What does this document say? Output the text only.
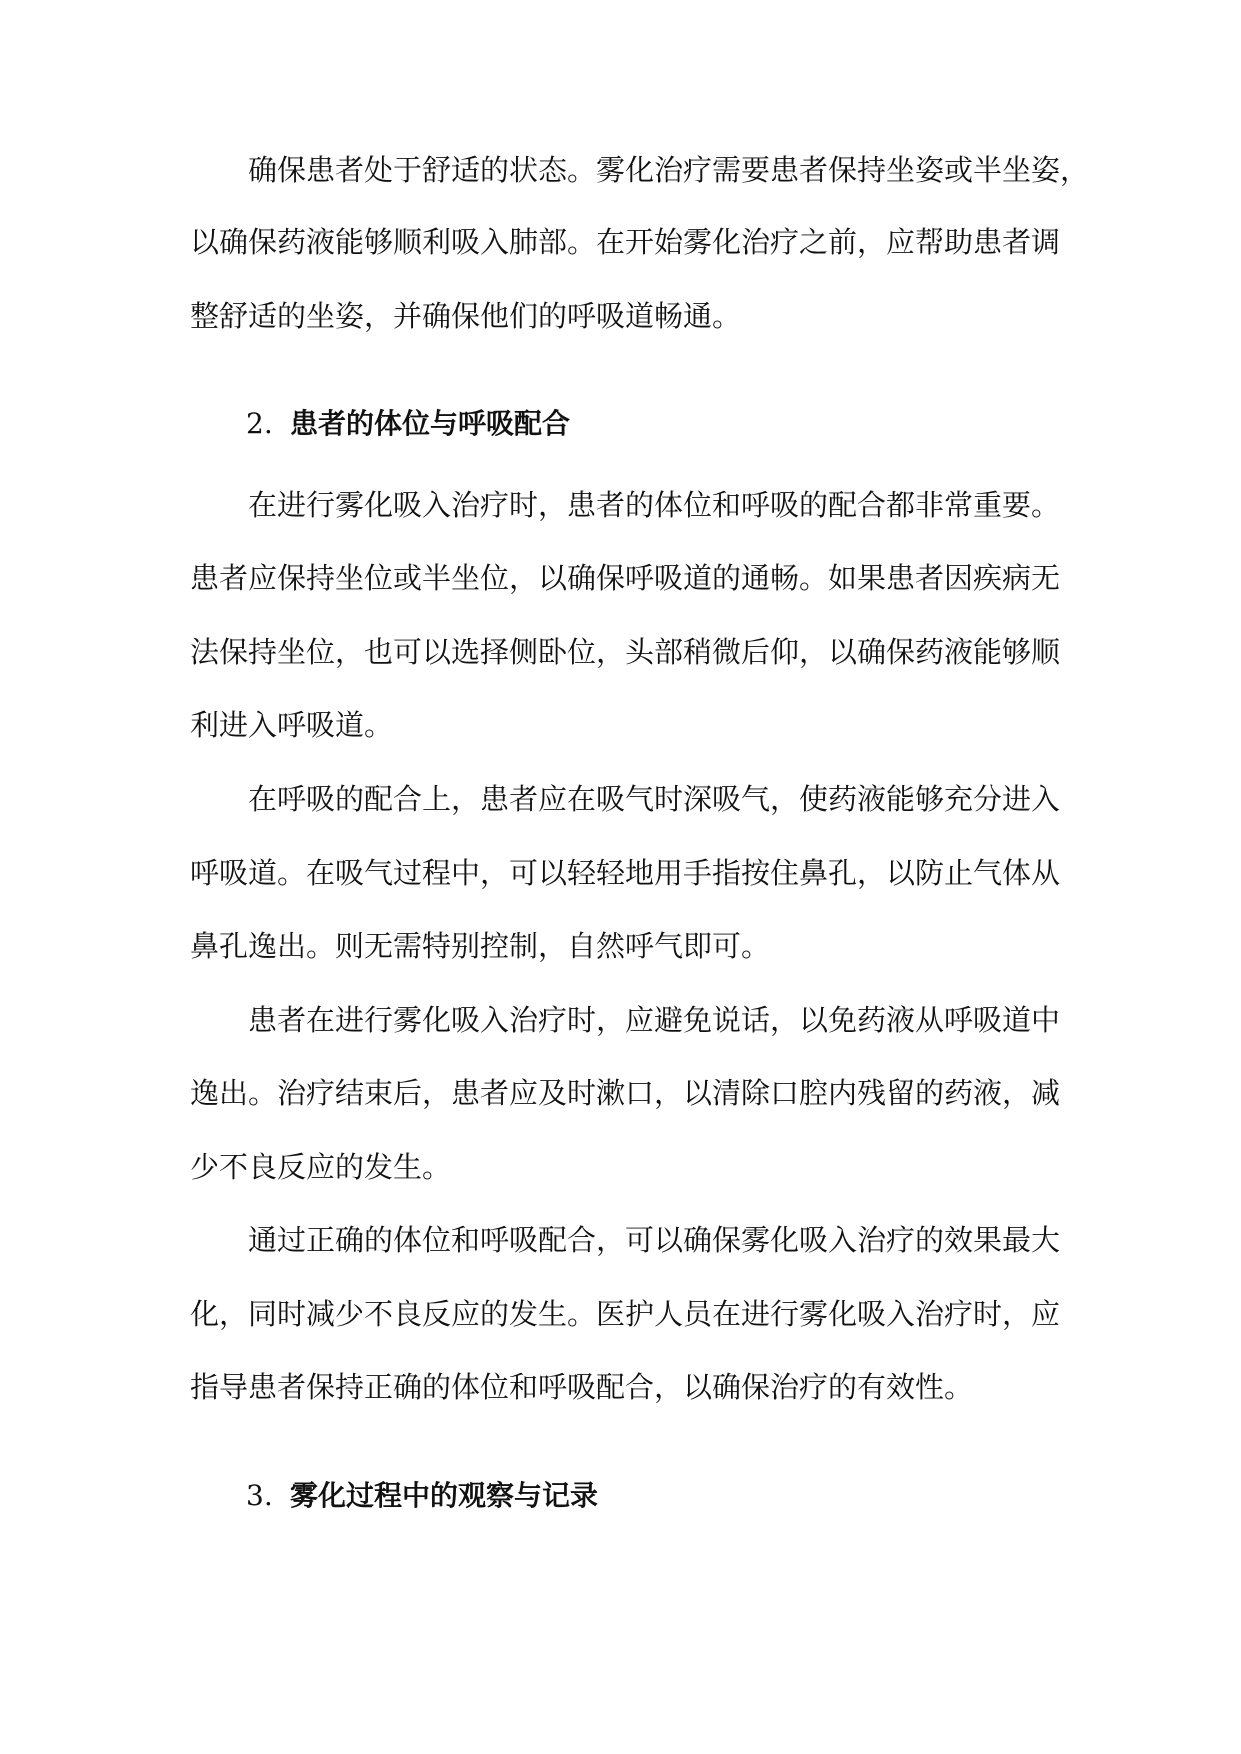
确保患者处于舒适的状态。雾化治疗需要患者保持坐姿或半坐姿，
以确保药液能够顺利吸入肺部。在开始雾化治疗之前，应帮助患者调
整舒适的坐姿，并确保他们的呼吸道畅通。
2. 患者的体位与呼吸配合
在进行雾化吸入治疗时，患者的体位和呼吸的配合都非常重要。
患者应保持坐位或半坐位，以确保呼吸道的通畅。如果患者因疾病无
法保持坐位，也可以选择侧卧位，头部稍微后仰，以确保药液能够顺
利进入呼吸道。
在呼吸的配合上，患者应在吸气时深吸气，使药液能够充分进入
呼吸道。在吸气过程中，可以轻轻地用手指按住鼻孔，以防止气体从
鼻孔逸出。则无需特别控制，自然呼气即可。
患者在进行雾化吸入治疗时，应避免说话，以免药液从呼吸道中
逸出。治疗结束后，患者应及时漱口，以清除口腔内残留的药液，减
少不良反应的发生。
通过正确的体位和呼吸配合，可以确保雾化吸入治疗的效果最大
化，同时减少不良反应的发生。医护人员在进行雾化吸入治疗时，应
指导患者保持正确的体位和呼吸配合，以确保治疗的有效性。
3. 雾化过程中的观察与记录
